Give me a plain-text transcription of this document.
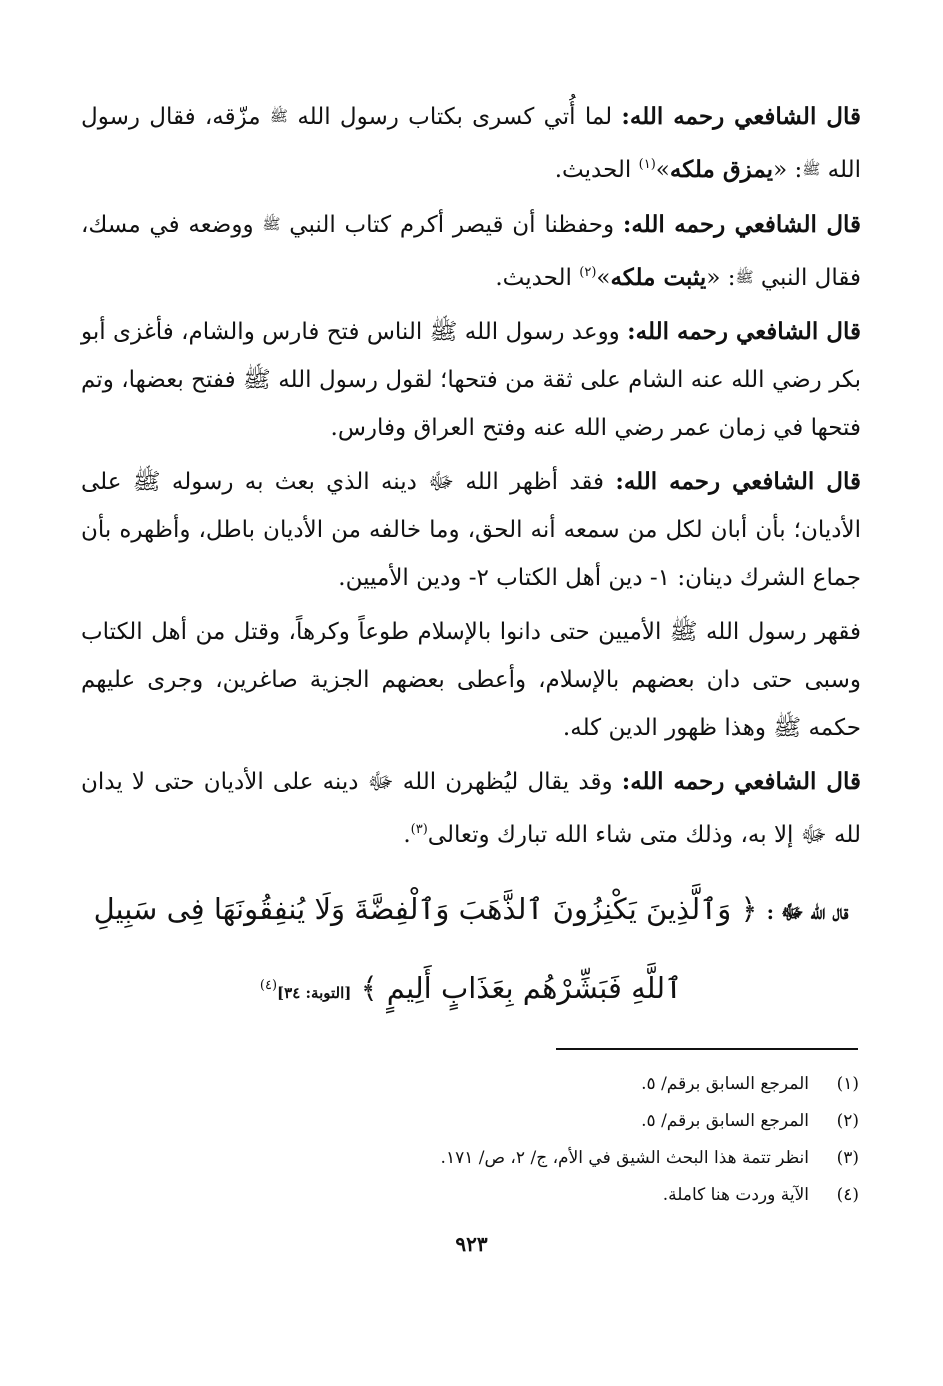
قال الشافعي رحمه الله: لما أُتي كسرى بكتاب رسول الله ﷺ مزّقه، فقال رسول الله ﷺ: «يمزق ملكه»$^{(١)}$ الحديث.

قال الشافعي رحمه الله: وحفظنا أن قيصر أكرم كتاب النبي ﷺ ووضعه في مسك، فقال النبي ﷺ: «يثبت ملكه»$^{(٢)}$ الحديث.

قال الشافعي رحمه الله: ووعد رسول الله ﷺ الناس فتح فارس والشام، فأغزى أبو بكر رضي الله عنه الشام على ثقة من فتحها؛ لقول رسول الله ﷺ ففتح بعضها، وتم فتحها في زمان عمر رضي الله عنه وفتح العراق وفارس.

قال الشافعي رحمه الله: فقد أظهر الله ﷻ دينه الذي بعث به رسوله ﷺ على الأديان؛ بأن أبان لكل من سمعه أنه الحق، وما خالفه من الأديان باطل، وأظهره بأن جماع الشرك دينان: ١- دين أهل الكتاب ٢- ودين الأميين.

فقهر رسول الله ﷺ الأميين حتى دانوا بالإسلام طوعاً وكرهاً، وقتل من أهل الكتاب وسبى حتى دان بعضهم بالإسلام، وأعطى بعضهم الجزية صاغرين، وجرى عليهم حكمه ﷺ وهذا ظهور الدين كله.

قال الشافعي رحمه الله: وقد يقال ليُظهرن الله ﷻ دينه على الأديان حتى لا يدان لله ﷻ إلا به، وذلك متى شاء الله تبارك وتعالى$^{(٣)}$.

قال الله ﷻ : ﴿ وَٱلَّذِينَ يَكْنِزُونَ ٱلذَّهَبَ وَٱلْفِضَّةَ وَلَا يُنفِقُونَهَا فِى سَبِيلِ ٱللَّهِ فَبَشِّرْهُم بِعَذَابٍ أَلِيمٍ ﴾ [التوبة: ٣٤]$^{(٤)}$
(١)
المرجع السابق برقم/ ٥.
(٢)
المرجع السابق برقم/ ٥.
(٣)
انظر تتمة هذا البحث الشيق في الأم، ج/ ٢، ص/ ١٧١.
(٤)
الآية وردت هنا كاملة.
٩٢٣
